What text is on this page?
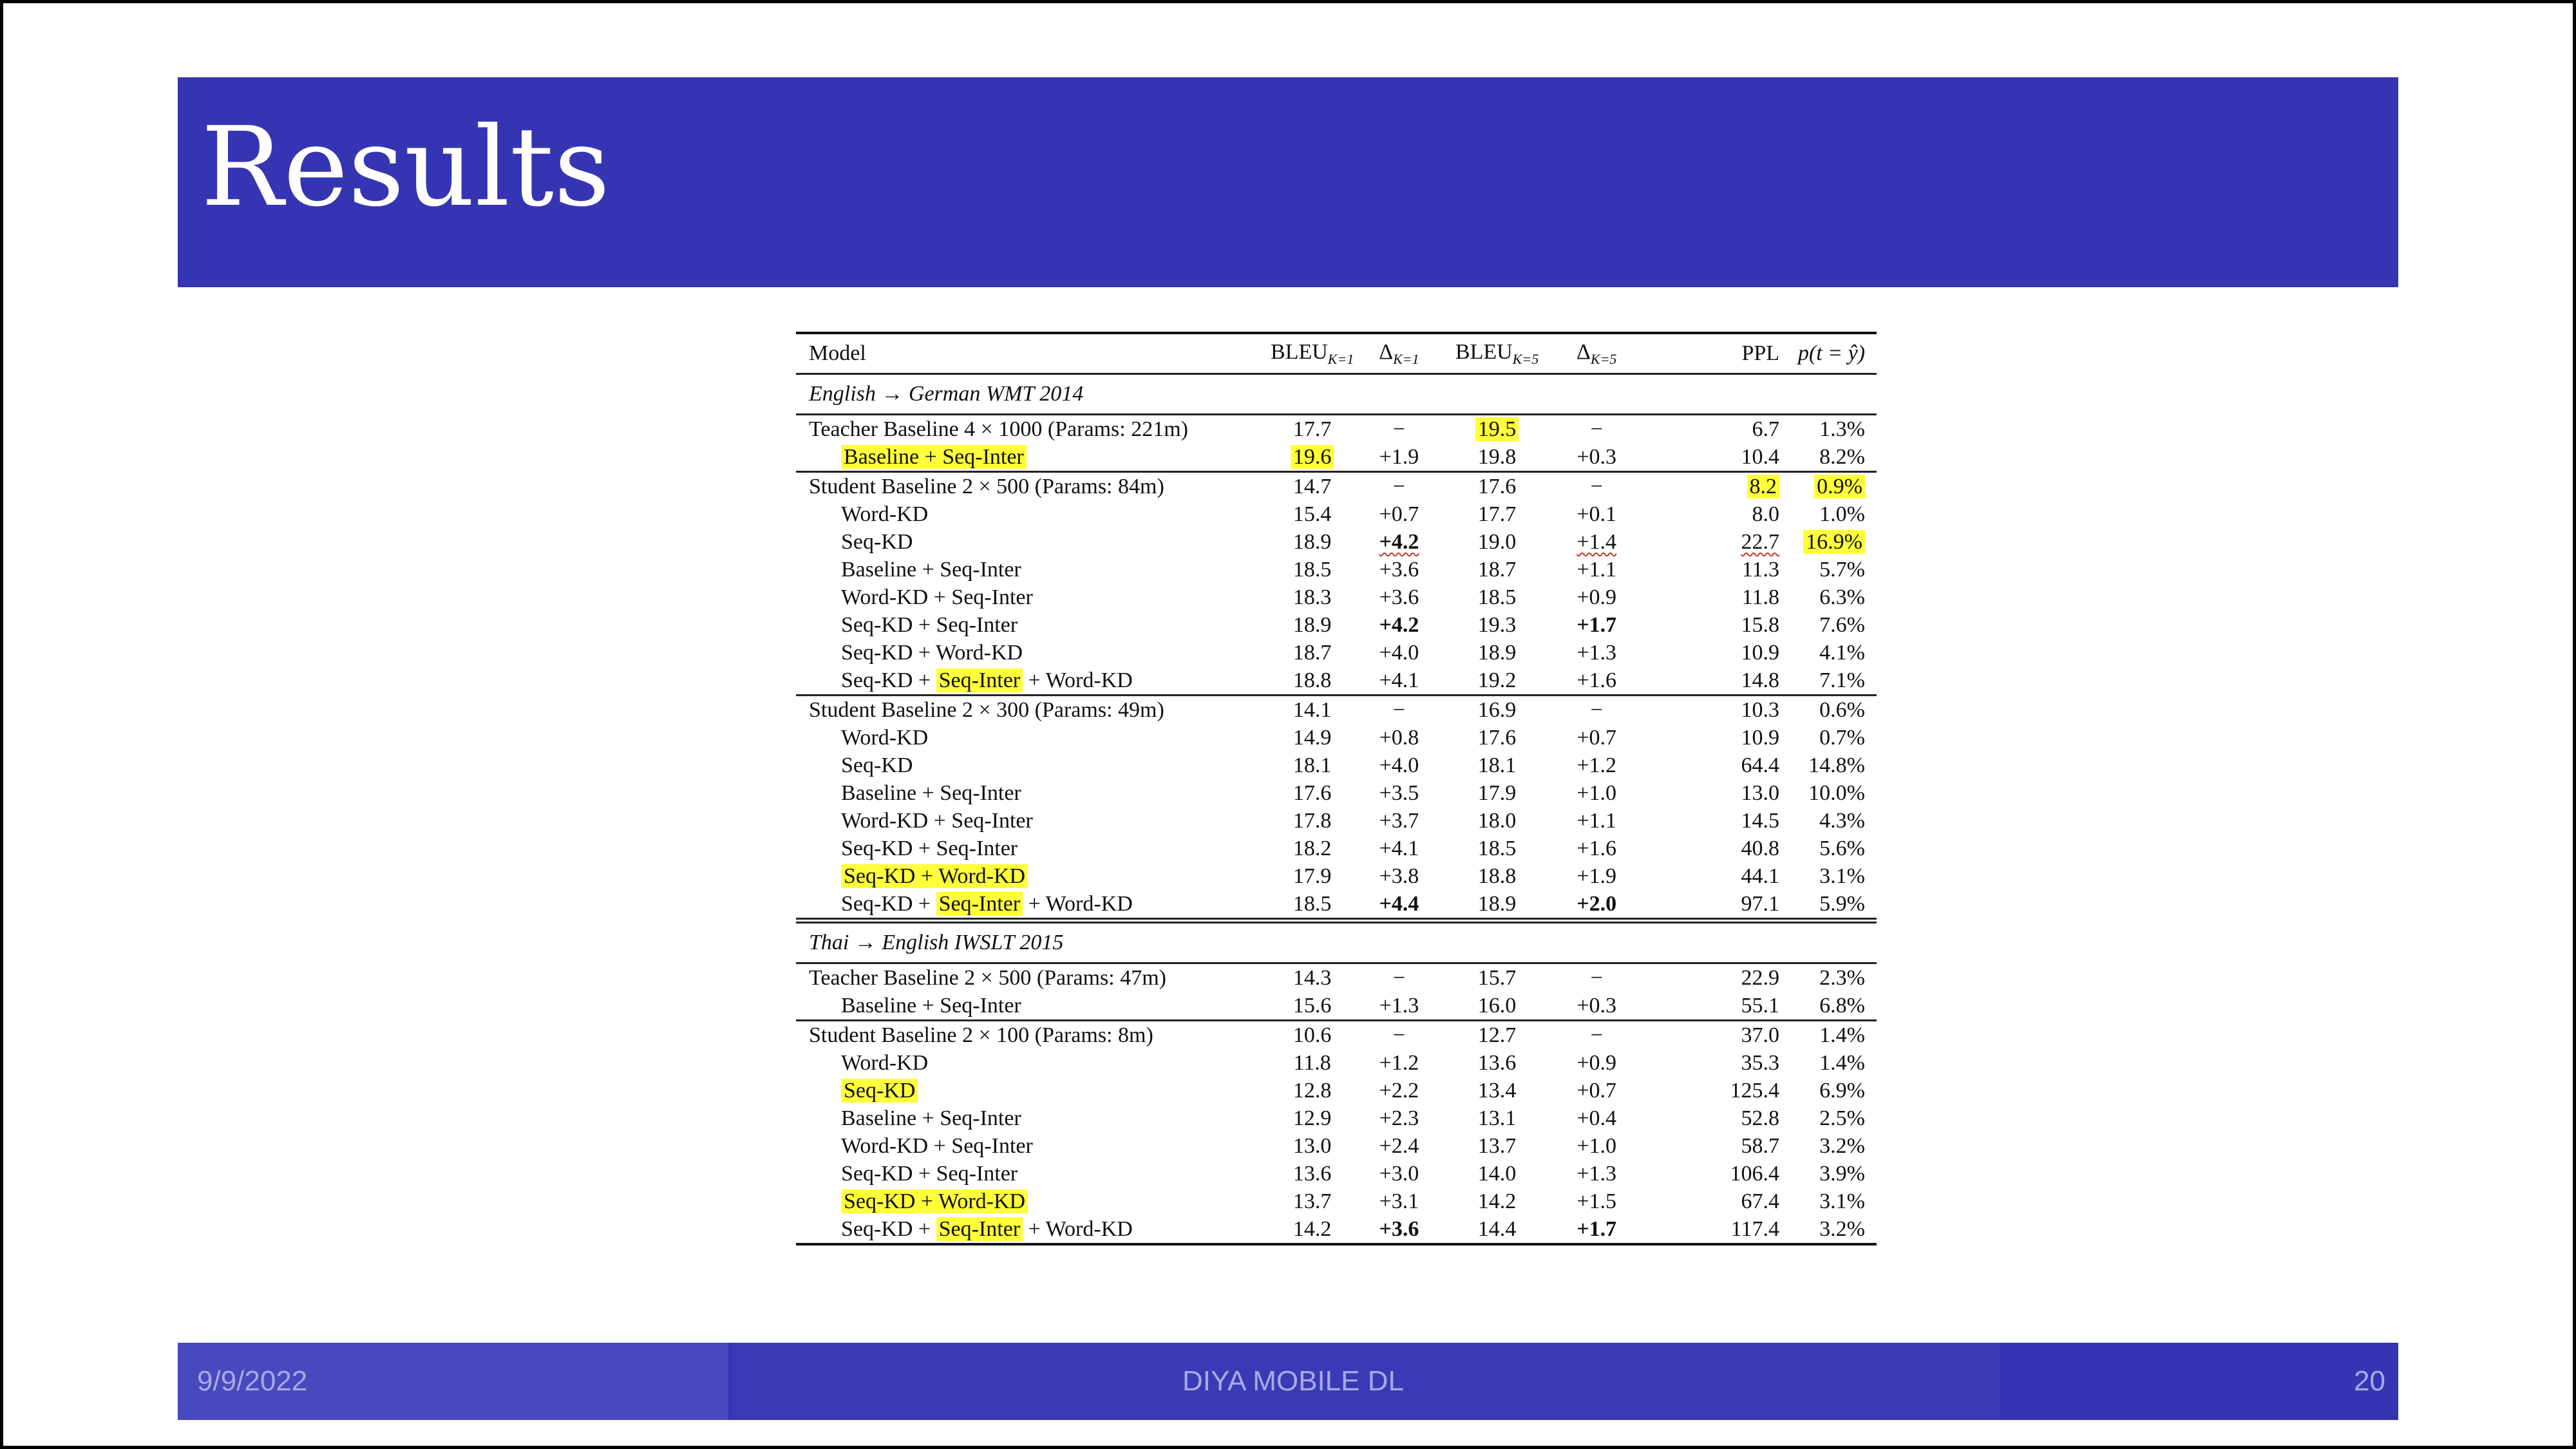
Results
Model	$BLEU_{K=1}$	$\Delta_{K=1}$	$BLEU_{K=5}$	$\Delta_{K=5}$	PPL	p(t = ŷ)
English → German WMT 2014						
Teacher Baseline 4 × 1000 (Params: 221m)	17.7	−	19.5	−	6.7	1.3%
Baseline + Seq-Inter	19.6	+1.9	19.8	+0.3	10.4	8.2%
Student Baseline 2 × 500 (Params: 84m)	14.7	−	17.6	−	8.2	0.9%
Word-KD	15.4	+0.7	17.7	+0.1	8.0	1.0%
Seq-KD	18.9	+4.2	19.0	+1.4	22.7	16.9%
Baseline + Seq-Inter	18.5	+3.6	18.7	+1.1	11.3	5.7%
Word-KD + Seq-Inter	18.3	+3.6	18.5	+0.9	11.8	6.3%
Seq-KD + Seq-Inter	18.9	+4.2	19.3	+1.7	15.8	7.6%
Seq-KD + Word-KD	18.7	+4.0	18.9	+1.3	10.9	4.1%
Seq-KD + Seq-Inter + Word-KD	18.8	+4.1	19.2	+1.6	14.8	7.1%
Student Baseline 2 × 300 (Params: 49m)	14.1	−	16.9	−	10.3	0.6%
Word-KD	14.9	+0.8	17.6	+0.7	10.9	0.7%
Seq-KD	18.1	+4.0	18.1	+1.2	64.4	14.8%
Baseline + Seq-Inter	17.6	+3.5	17.9	+1.0	13.0	10.0%
Word-KD + Seq-Inter	17.8	+3.7	18.0	+1.1	14.5	4.3%
Seq-KD + Seq-Inter	18.2	+4.1	18.5	+1.6	40.8	5.6%
Seq-KD + Word-KD	17.9	+3.8	18.8	+1.9	44.1	3.1%
Seq-KD + Seq-Inter + Word-KD	18.5	+4.4	18.9	+2.0	97.1	5.9%
Thai → English IWSLT 2015						
Teacher Baseline 2 × 500 (Params: 47m)	14.3	−	15.7	−	22.9	2.3%
Baseline + Seq-Inter	15.6	+1.3	16.0	+0.3	55.1	6.8%
Student Baseline 2 × 100 (Params: 8m)	10.6	−	12.7	−	37.0	1.4%
Word-KD	11.8	+1.2	13.6	+0.9	35.3	1.4%
Seq-KD	12.8	+2.2	13.4	+0.7	125.4	6.9%
Baseline + Seq-Inter	12.9	+2.3	13.1	+0.4	52.8	2.5%
Word-KD + Seq-Inter	13.0	+2.4	13.7	+1.0	58.7	3.2%
Seq-KD + Seq-Inter	13.6	+3.0	14.0	+1.3	106.4	3.9%
Seq-KD + Word-KD	13.7	+3.1	14.2	+1.5	67.4	3.1%
Seq-KD + Seq-Inter + Word-KD	14.2	+3.6	14.4	+1.7	117.4	3.2%
9/9/2022	DIYA MOBILE DL	20
